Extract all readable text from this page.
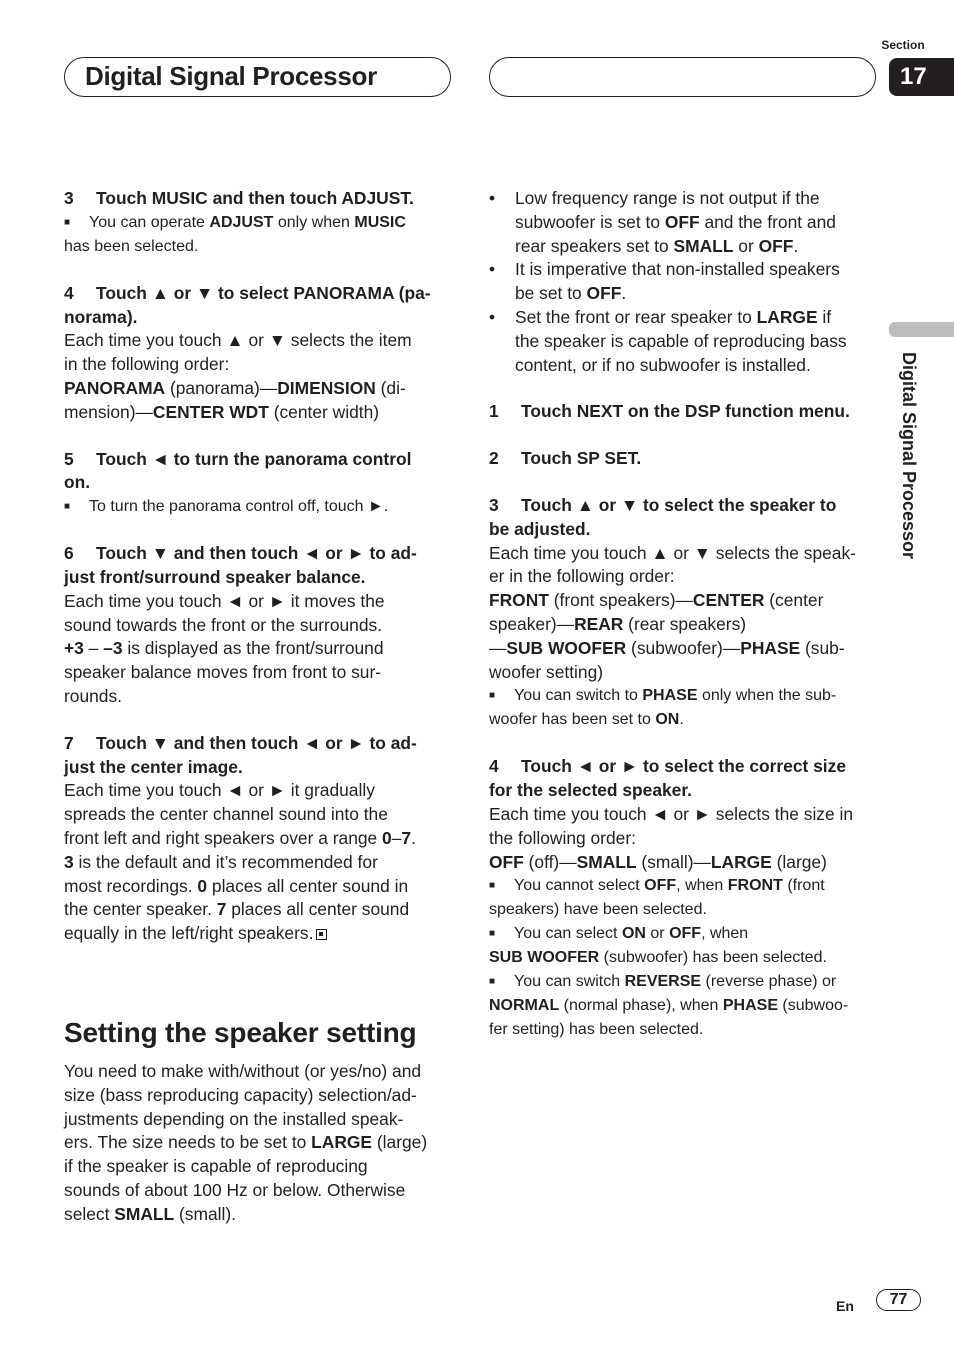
Digital Signal Processor
Section
17
Digital Signal Processor

3 Touch MUSIC and then touch ADJUST.

■ You can operate ADJUST only when MUSIC
has been selected.

4 Touch ▲ or ▼ to select PANORAMA (pa-
norama).

Each time you touch ▲ or ▼ selects the item
in the following order:
PANORAMA (panorama)—DIMENSION (di-
mension)—CENTER WDT (center width)

5 Touch ◄ to turn the panorama control
on.

■ To turn the panorama control off, touch ►.

6 Touch ▼ and then touch ◄ or ► to ad-
just front/surround speaker balance.

Each time you touch ◄ or ► it moves the
sound towards the front or the surrounds.
+3 – –3 is displayed as the front/surround
speaker balance moves from front to sur-
rounds.

7 Touch ▼ and then touch ◄ or ► to ad-
just the center image.

Each time you touch ◄ or ► it gradually
spreads the center channel sound into the
front left and right speakers over a range 0–7.
3 is the default and it’s recommended for
most recordings. 0 places all center sound in
the center speaker. 7 places all center sound
equally in the left/right speakers.

Setting the speaker setting

You need to make with/without (or yes/no) and
size (bass reproducing capacity) selection/ad-
justments depending on the installed speak-
ers. The size needs to be set to LARGE (large)
if the speaker is capable of reproducing
sounds of about 100 Hz or below. Otherwise
select SMALL (small).

• Low frequency range is not output if the
subwoofer is set to OFF and the front and
rear speakers set to SMALL or OFF.

• It is imperative that non-installed speakers
be set to OFF.

• Set the front or rear speaker to LARGE if
the speaker is capable of reproducing bass
content, or if no subwoofer is installed.

1 Touch NEXT on the DSP function menu.

2 Touch SP SET.

3 Touch ▲ or ▼ to select the speaker to
be adjusted.

Each time you touch ▲ or ▼ selects the speak-
er in the following order:
FRONT (front speakers)—CENTER (center
speaker)—REAR (rear speakers)
—SUB WOOFER (subwoofer)—PHASE (sub-
woofer setting)

■ You can switch to PHASE only when the sub-
woofer has been set to ON.

4 Touch ◄ or ► to select the correct size
for the selected speaker.

Each time you touch ◄ or ► selects the size in
the following order:
OFF (off)—SMALL (small)—LARGE (large)

■ You cannot select OFF, when FRONT (front
speakers) have been selected.

■ You can select ON or OFF, when
SUB WOOFER (subwoofer) has been selected.

■ You can switch REVERSE (reverse phase) or
NORMAL (normal phase), when PHASE (subwoo-
fer setting) has been selected.

En	77
